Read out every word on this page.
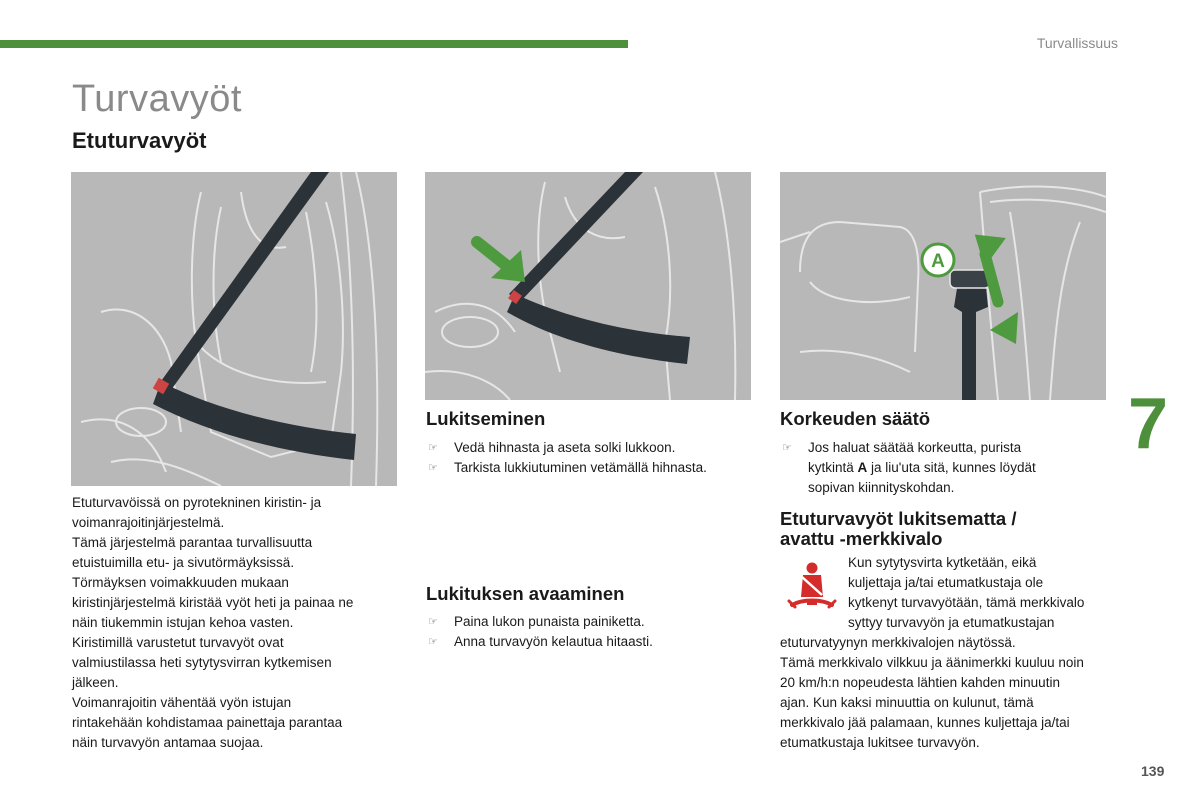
Turvallissuus
Turvavyöt
Etuturvavyöt
A
Etuturvavöissä on pyrotekninen kiristin- ja
voimanrajoitinjärjestelmä.
Tämä järjestelmä parantaa turvallisuutta
etuistuimilla etu- ja sivutörmäyksissä.
Törmäyksen voimakkuuden mukaan
kiristinjärjestelmä kiristää vyöt heti ja painaa ne
näin tiukemmin istujan kehoa vasten.
Kiristimillä varustetut turvavyöt ovat
valmiustilassa heti sytytysvirran kytkemisen
jälkeen.
Voimanrajoitin vähentää vyön istujan
rintakehään kohdistamaa painettaja parantaa
näin turvavyön antamaa suojaa.
Lukitseminen
☞ Vedä hihnasta ja aseta solki lukkoon.
☞ Tarkista lukkiutuminen vetämällä hihnasta.
Lukituksen avaaminen
☞ Paina lukon punaista painiketta.
☞ Anna turvavyön kelautua hitaasti.
Korkeuden säätö
☞ Jos haluat säätää korkeutta, purista
kytkintä A ja liu'uta sitä, kunnes löydät
sopivan kiinnityskohdan.
Etuturvavyöt lukitsematta /
avattu -merkkivalo
Kun sytytysvirta kytketään, eikä
kuljettaja ja/tai etumatkustaja ole
kytkenyt turvavyötään, tämä merkkivalo
syttyy turvavyön ja etumatkustajan
etuturvatyynyn merkkivalojen näytössä.
Tämä merkkivalo vilkkuu ja äänimerkki kuuluu noin
20 km/h:n nopeudesta lähtien kahden minuutin
ajan. Kun kaksi minuuttia on kulunut, tämä
merkkivalo jää palamaan, kunnes kuljettaja ja/tai
etumatkustaja lukitsee turvavyön.
7
139
